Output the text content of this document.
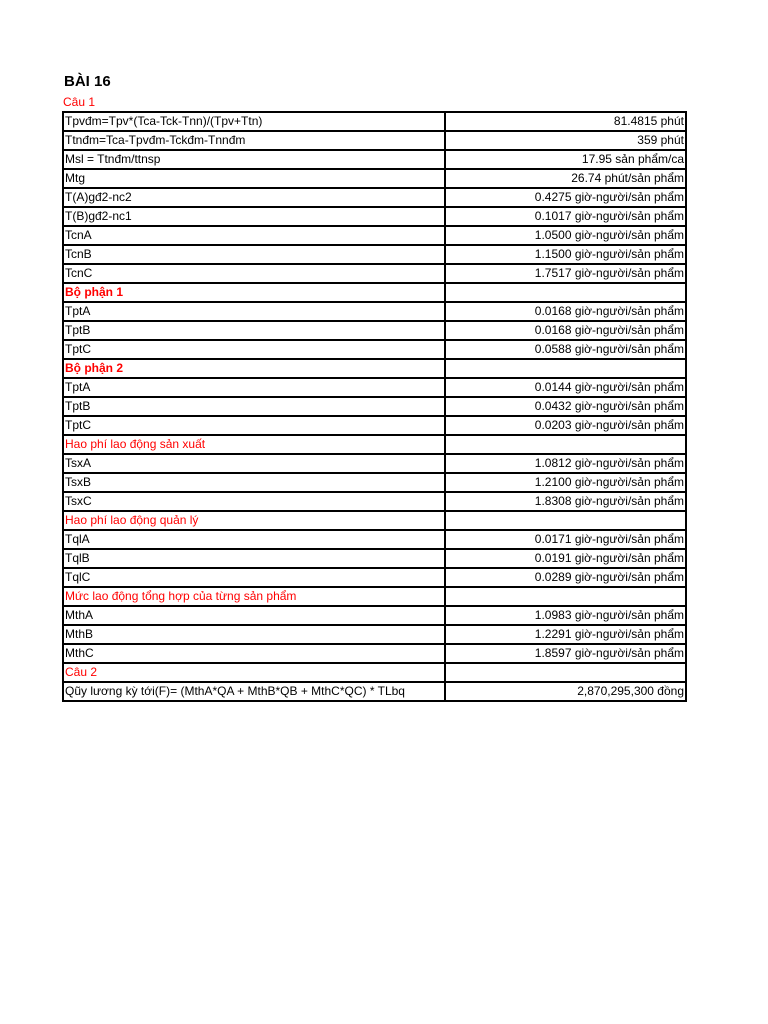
BÀI 16
Câu 1
Tpvđm=Tpv*(Tca-Tck-Tnn)/(Tpv+Ttn)	81.4815 phút
Ttnđm=Tca-Tpvđm-Tckđm-Tnnđm	359 phút
Msl = Ttnđm/ttnsp	17.95 sản phẩm/ca
Mtg	26.74 phút/sản phẩm
T(A)gđ2-nc2	0.4275 giờ-người/sản phẩm
T(B)gđ2-nc1	0.1017 giờ-người/sản phẩm
TcnA	1.0500 giờ-người/sản phẩm
TcnB	1.1500 giờ-người/sản phẩm
TcnC	1.7517 giờ-người/sản phẩm
Bộ phận 1	
TptA	0.0168 giờ-người/sản phẩm
TptB	0.0168 giờ-người/sản phẩm
TptC	0.0588 giờ-người/sản phẩm
Bộ phận 2	
TptA	0.0144 giờ-người/sản phẩm
TptB	0.0432 giờ-người/sản phẩm
TptC	0.0203 giờ-người/sản phẩm
Hao phí lao động sản xuất	
TsxA	1.0812 giờ-người/sản phẩm
TsxB	1.2100 giờ-người/sản phẩm
TsxC	1.8308 giờ-người/sản phẩm
Hao phí lao động quản lý	
TqlA	0.0171 giờ-người/sản phẩm
TqlB	0.0191 giờ-người/sản phẩm
TqlC	0.0289 giờ-người/sản phẩm
Mức lao động tổng hợp của từng sản phẩm	
MthA	1.0983 giờ-người/sản phẩm
MthB	1.2291 giờ-người/sản phẩm
MthC	1.8597 giờ-người/sản phẩm
Câu 2	
Qũy lương kỳ tới(F)= (MthA*QA + MthB*QB + MthC*QC) * TLbq	2,870,295,300 đồng
